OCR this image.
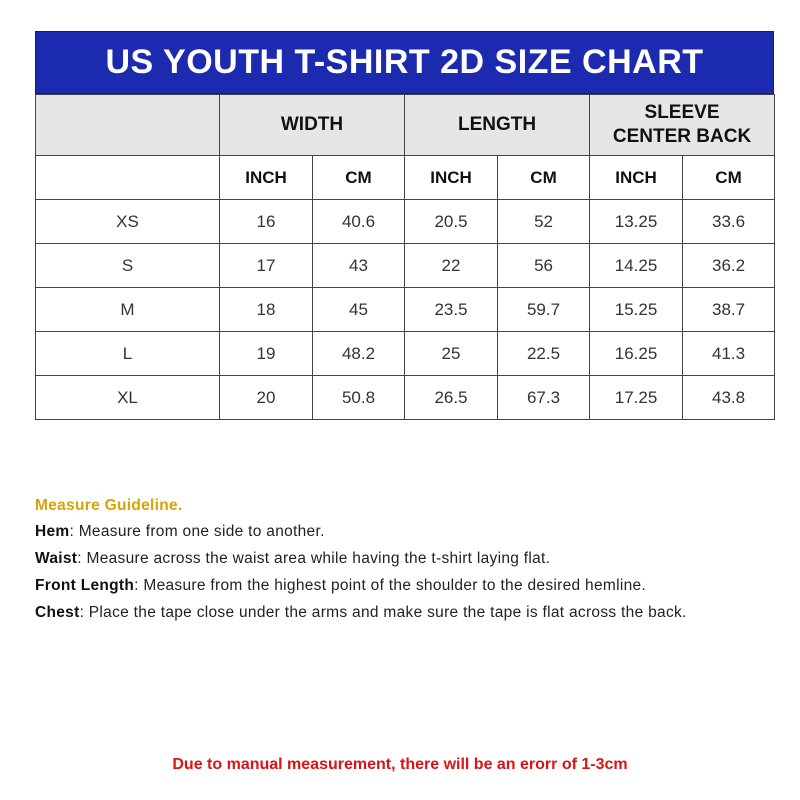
US YOUTH T-SHIRT 2D SIZE CHART
	WIDTH		LENGTH		SLEEVE
CENTER BACK	
	INCH	CM	INCH	CM	INCH	CM
XS	16	40.6	20.5	52	13.25	33.6
S	17	43	22	56	14.25	36.2
M	18	45	23.5	59.7	15.25	38.7
L	19	48.2	25	22.5	16.25	41.3
XL	20	50.8	26.5	67.3	17.25	43.8
Measure Guideline.
Hem: Measure from one side to another.
Waist: Measure across the waist area while having the t-shirt laying flat.
Front Length: Measure from the highest point of the shoulder to the desired hemline.
Chest: Place the tape close under the arms and make sure the tape is flat across the back.
Due to manual measurement, there will be an erorr of 1-3cm
